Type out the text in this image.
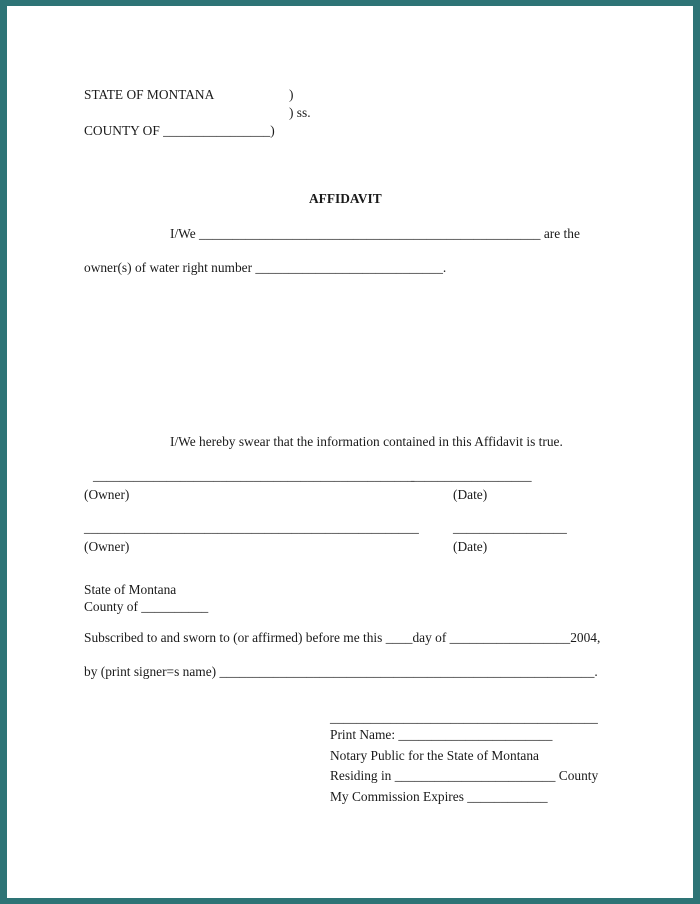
STATE OF MONTANA	)
) ss.
COUNTY OF ________________)
AFFIDAVIT
I/We ___________________________________________________ are the
owner(s) of water right number ____________________________.
I/We hereby swear that the information contained in this Affidavit is true.
________________________________________________
__________________
(Owner)	(Date)
__________________________________________________	_________________
(Owner)	(Date)
State of Montana
County of __________
Subscribed to and sworn to (or affirmed) before me this ____day of __________________2004,
by (print signer=s name) ________________________________________________________.
________________________________________
Print Name: _______________________
Notary Public for the State of Montana
Residing in ________________________ County
My Commission Expires ____________
